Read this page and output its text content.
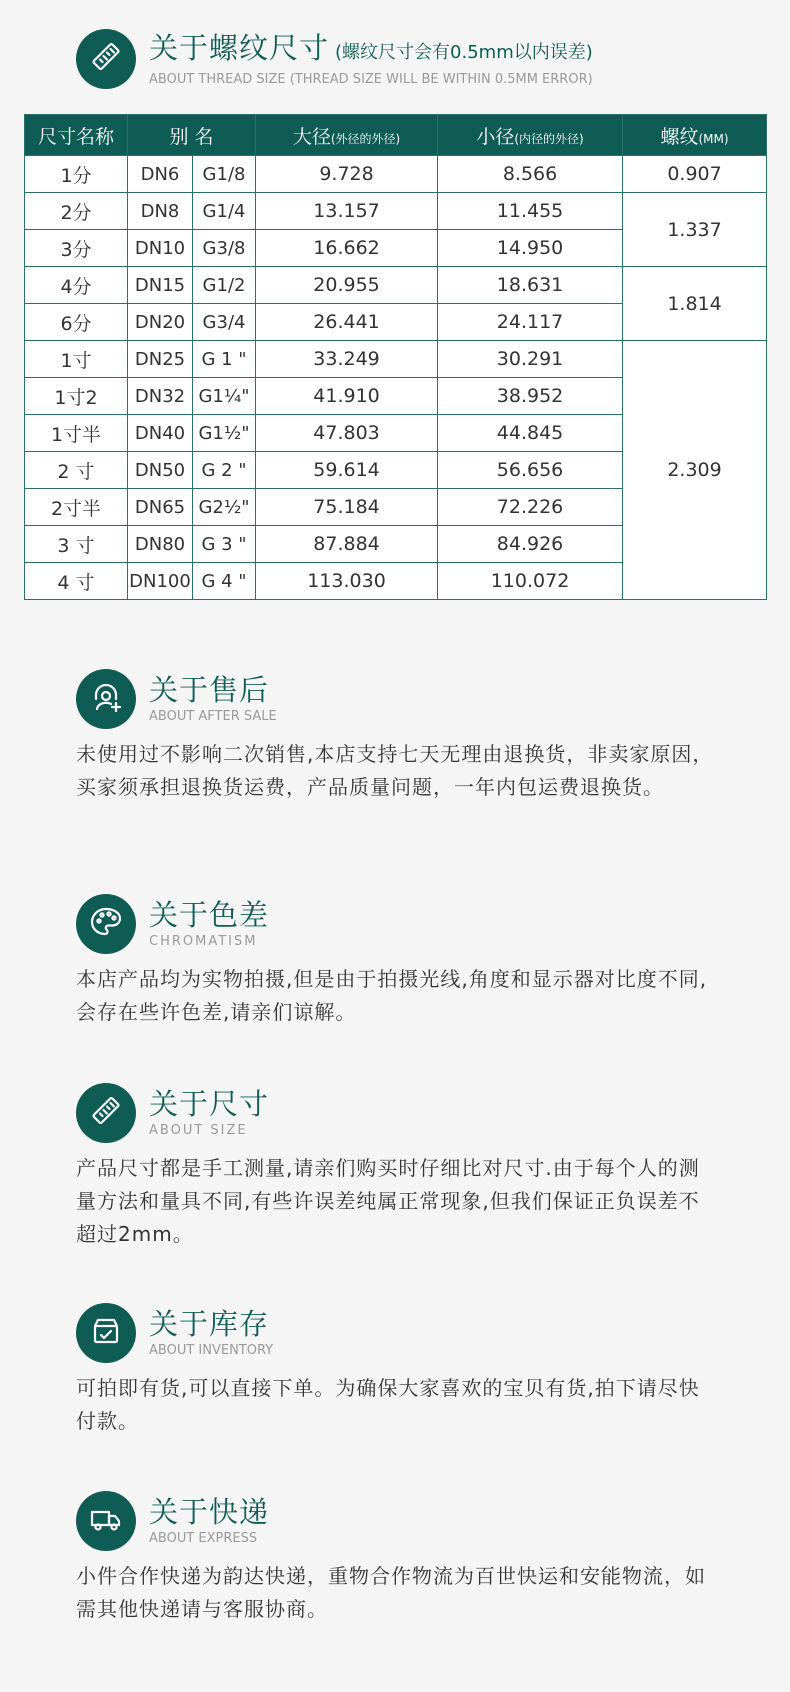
关于螺纹尺寸 (螺纹尺寸会有0.5mm以内误差)
ABOUT THREAD SIZE (THREAD SIZE WILL BE WITHIN 0.5MM ERROR)
尺寸名称	别 名		大径(外径的外径)	小径(内径的外径)	螺纹(MM)
1分	DN6	G1/8	9.728	8.566	0.907
2分	DN8	G1/4	13.157	11.455	1.337
3分	DN10	G3/8	16.662	14.950	
4分	DN15	G1/2	20.955	18.631	1.814
6分	DN20	G3/4	26.441	24.117	
1寸	DN25	G 1 "	33.249	30.291	2.309
1寸2	DN32	G1¼"	41.910	38.952	
1寸半	DN40	G1½"	47.803	44.845	
2 寸	DN50	G 2 "	59.614	56.656	
2寸半	DN65	G2½"	75.184	72.226	
3 寸	DN80	G 3 "	87.884	84.926	
4 寸	DN100	G 4 "	113.030	110.072	
关于售后
ABOUT AFTER SALE
未使用过不影响二次销售,本店支持七天无理由退换货，非卖家原因，买家须承担退换货运费，产品质量问题，一年内包运费退换货。
关于色差
CHROMATISM
本店产品均为实物拍摄,但是由于拍摄光线,角度和显示器对比度不同,会存在些许色差,请亲们谅解。
关于尺寸
ABOUT SIZE
产品尺寸都是手工测量,请亲们购买时仔细比对尺寸.由于每个人的测量方法和量具不同,有些许误差纯属正常现象,但我们保证正负误差不超过2mm。
关于库存
ABOUT INVENTORY
可拍即有货,可以直接下单。为确保大家喜欢的宝贝有货,拍下请尽快付款。
关于快递
ABOUT EXPRESS
小件合作快递为韵达快递，重物合作物流为百世快运和安能物流，如需其他快递请与客服协商。
